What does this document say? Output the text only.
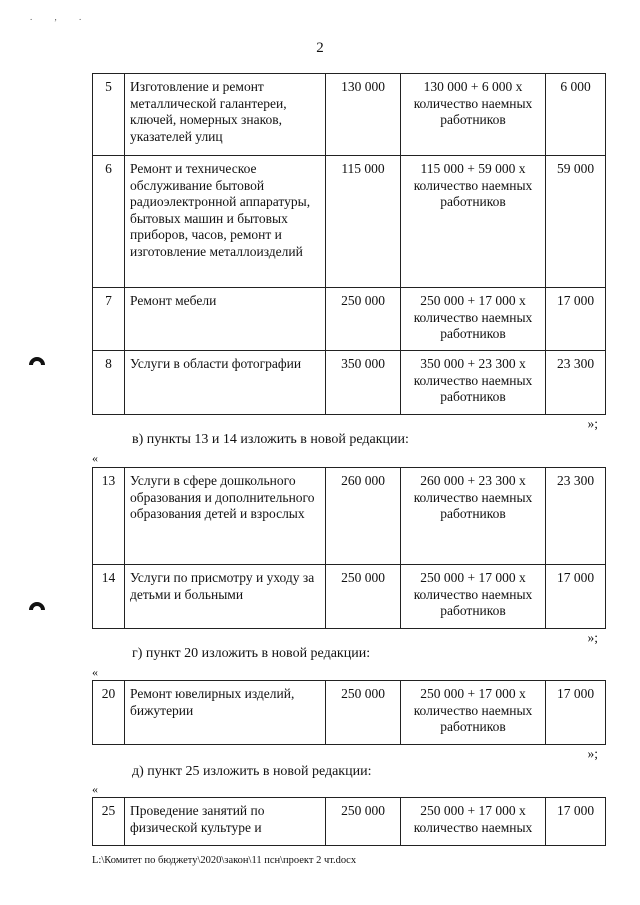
. , .
2
5	Изготовление и ремонт металлической галантереи, ключей, номерных знаков, указателей улиц	130 000	130 000 + 6 000 х количество наемных работников	6 000
6	Ремонт и техническое обслуживание бытовой радиоэлектронной аппаратуры, бытовых машин и бытовых приборов, часов, ремонт и изготовление металлоизделий	115 000	115 000 + 59 000 х количество наемных работников	59 000
7	Ремонт мебели	250 000	250 000 + 17 000 х количество наемных работников	17 000
8	Услуги в области фотографии	350 000	350 000 + 23 300 х количество наемных работников	23 300
»;
в) пункты 13 и 14 изложить в новой редакции:
«
13	Услуги в сфере дошкольного образования и дополнительного образования детей и взрослых	260 000	260 000 + 23 300 х количество наемных работников	23 300
14	Услуги по присмотру и уходу за детьми и больными	250 000	250 000 + 17 000 х количество наемных работников	17 000
»;
г) пункт 20 изложить в новой редакции:
«
20	Ремонт ювелирных изделий, бижутерии	250 000	250 000 + 17 000 х количество наемных работников	17 000
»;
д) пункт 25 изложить в новой редакции:
«
25	Проведение занятий по физической культуре и	250 000	250 000 + 17 000 х количество наемных	17 000
L:\Комитет по бюджету\2020\закон\11 псн\проект 2 чт.docx
